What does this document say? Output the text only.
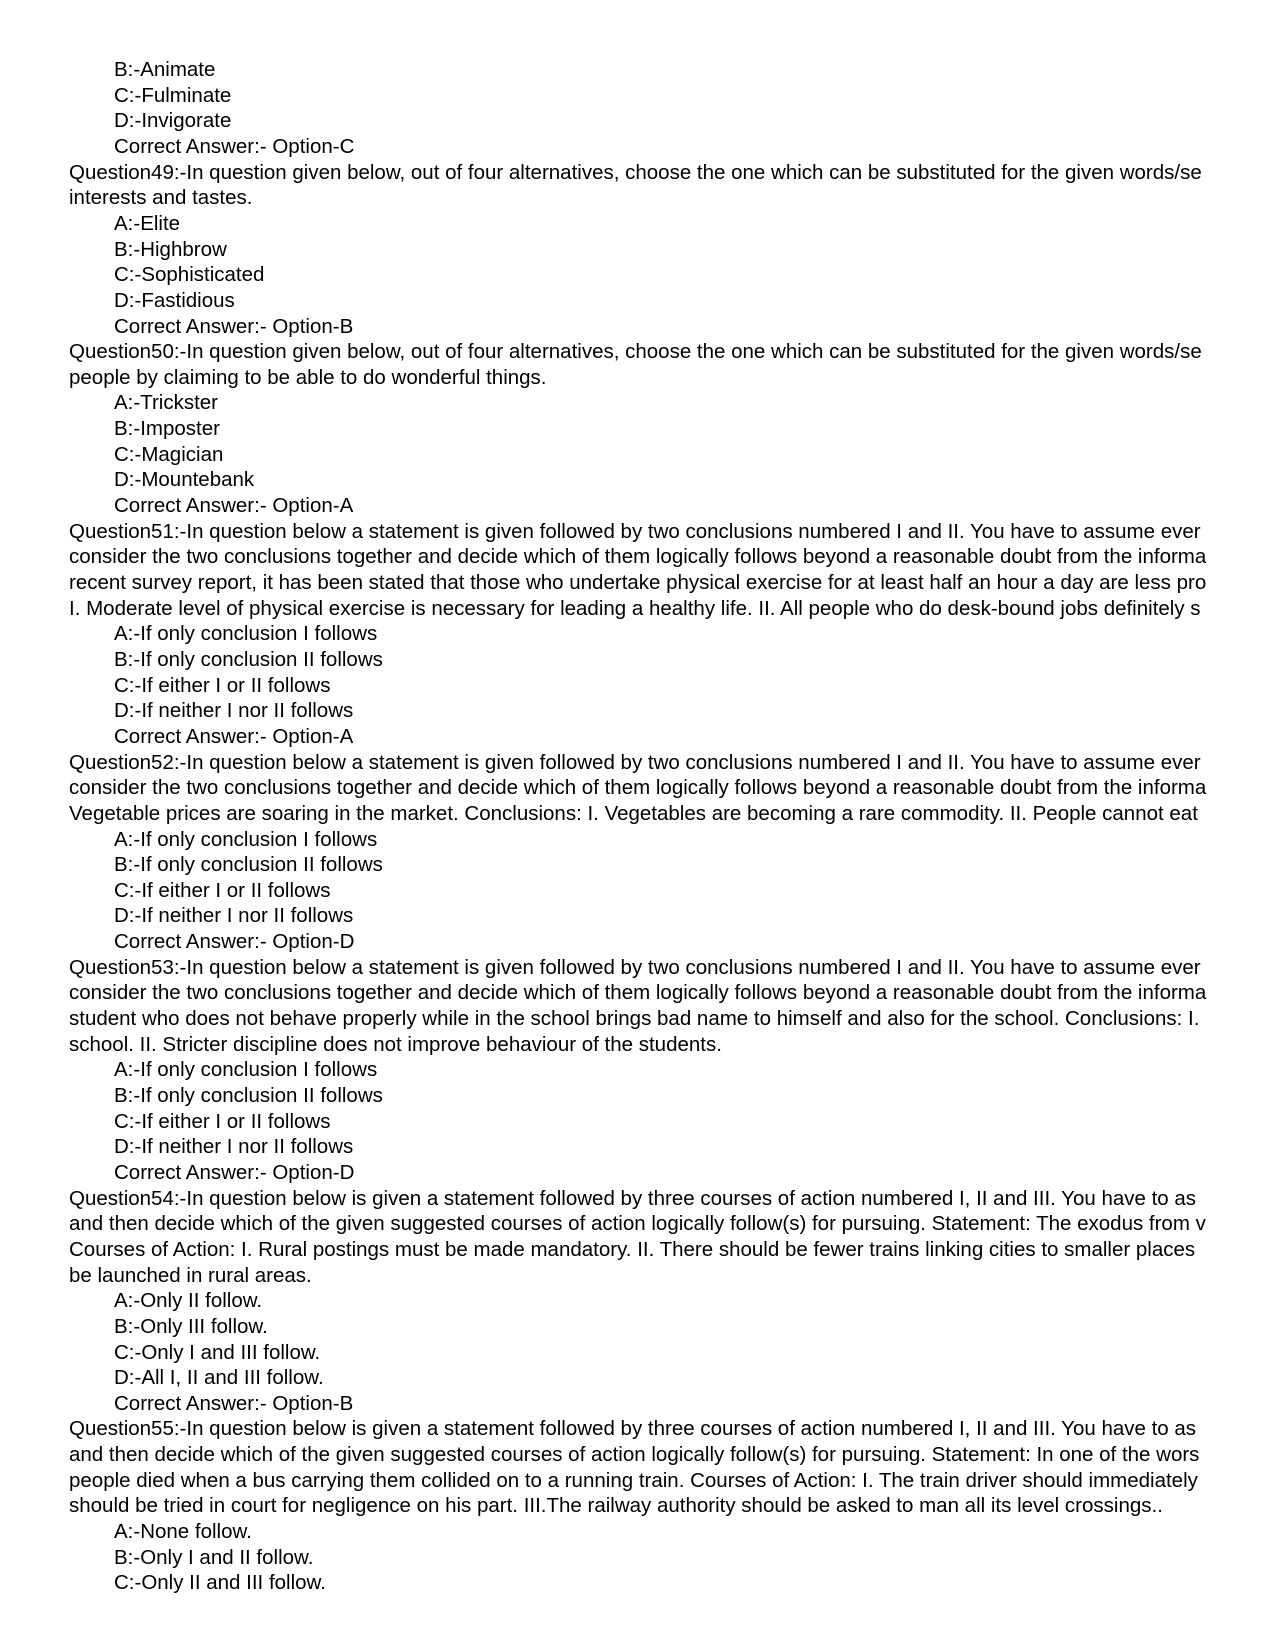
B:-Animate
C:-Fulminate
D:-Invigorate
Correct Answer:- Option-C
Question49:-In question given below, out of four alternatives, choose the one which can be substituted for the given words/se
interests and tastes.
A:-Elite
B:-Highbrow
C:-Sophisticated
D:-Fastidious
Correct Answer:- Option-B
Question50:-In question given below, out of four alternatives, choose the one which can be substituted for the given words/se
people by claiming to be able to do wonderful things.
A:-Trickster
B:-Imposter
C:-Magician
D:-Mountebank
Correct Answer:- Option-A
Question51:-In question below a statement is given followed by two conclusions numbered I and II. You have to assume ever
consider the two conclusions together and decide which of them logically follows beyond a reasonable doubt from the informa
recent survey report, it has been stated that those who undertake physical exercise for at least half an hour a day are less pro
I. Moderate level of physical exercise is necessary for leading a healthy life. II. All people who do desk-bound jobs definitely s
A:-If only conclusion I follows
B:-If only conclusion II follows
C:-If either I or II follows
D:-If neither I nor II follows
Correct Answer:- Option-A
Question52:-In question below a statement is given followed by two conclusions numbered I and II. You have to assume ever
consider the two conclusions together and decide which of them logically follows beyond a reasonable doubt from the informa
Vegetable prices are soaring in the market. Conclusions: I. Vegetables are becoming a rare commodity. II. People cannot eat
A:-If only conclusion I follows
B:-If only conclusion II follows
C:-If either I or II follows
D:-If neither I nor II follows
Correct Answer:- Option-D
Question53:-In question below a statement is given followed by two conclusions numbered I and II. You have to assume ever
consider the two conclusions together and decide which of them logically follows beyond a reasonable doubt from the informa
student who does not behave properly while in the school brings bad name to himself and also for the school. Conclusions: I.
school. II. Stricter discipline does not improve behaviour of the students.
A:-If only conclusion I follows
B:-If only conclusion II follows
C:-If either I or II follows
D:-If neither I nor II follows
Correct Answer:- Option-D
Question54:-In question below is given a statement followed by three courses of action numbered I, II and III. You have to as
and then decide which of the given suggested courses of action logically follow(s) for pursuing. Statement: The exodus from v
Courses of Action: I. Rural postings must be made mandatory. II. There should be fewer trains linking cities to smaller places
be launched in rural areas.
A:-Only II follow.
B:-Only III follow.
C:-Only I and III follow.
D:-All I, II and III follow.
Correct Answer:- Option-B
Question55:-In question below is given a statement followed by three courses of action numbered I, II and III. You have to as
and then decide which of the given suggested courses of action logically follow(s) for pursuing. Statement: In one of the wors
people died when a bus carrying them collided on to a running train. Courses of Action: I. The train driver should immediately
should be tried in court for negligence on his part. III.The railway authority should be asked to man all its level crossings..
A:-None follow.
B:-Only I and II follow.
C:-Only II and III follow.
